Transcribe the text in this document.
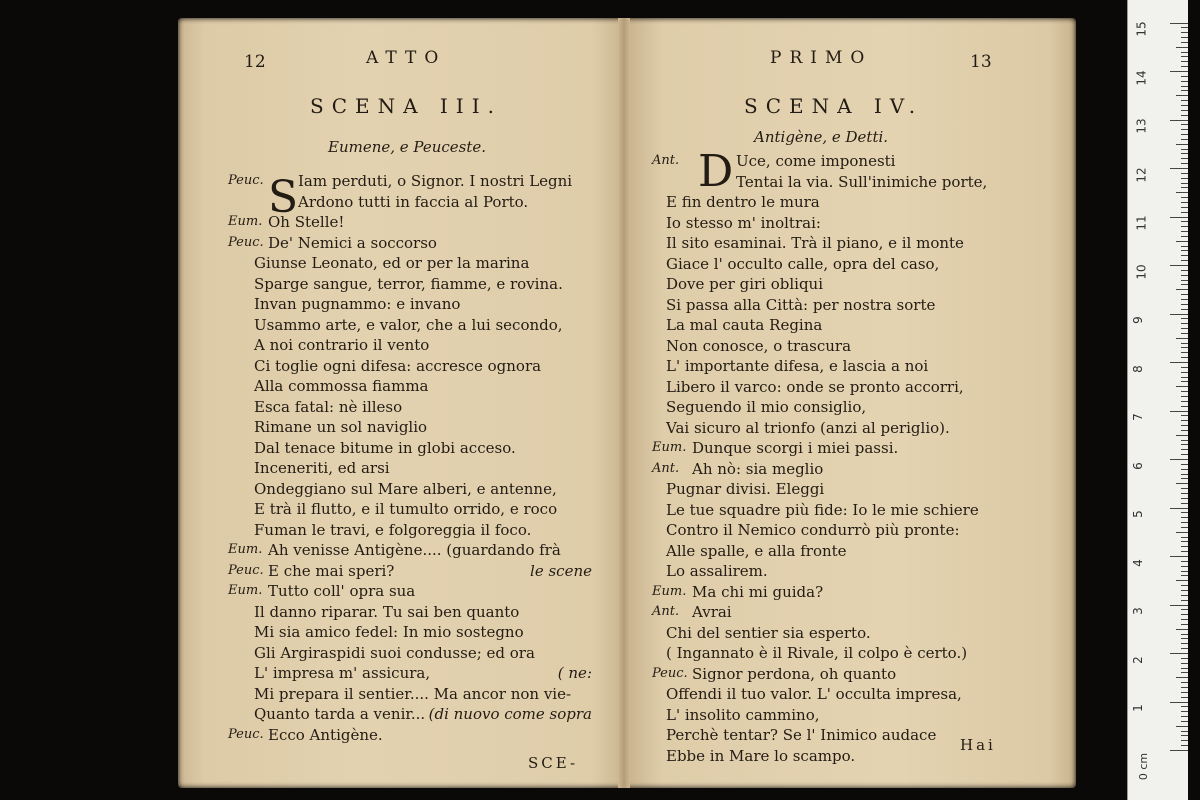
12	ATTO
SCENA III.
Eumene, e Peuceste.
S
Peuc. Iam perduti, o Signor. I nostri Legni
Ardono tutti in faccia al Porto.
Eum. Oh Stelle!
Peuc. De' Nemici a soccorso
Giunse Leonato, ed or per la marina
Sparge sangue, terror, fiamme, e rovina.
Invan pugnammo: e invano
Usammo arte, e valor, che a lui secondo,
A noi contrario il vento
Ci toglie ogni difesa: accresce ognora
Alla commossa fiamma
Esca fatal: nè illeso
Rimane un sol naviglio
Dal tenace bitume in globi acceso.
Inceneriti, ed arsi
Ondeggiano sul Mare alberi, e antenne,
E trà il flutto, e il tumulto orrido, e roco
Fuman le travi, e folgoreggia il foco.
Eum. Ah venisse Antigène.... (guardando frà
Peuc. E che mai speri?	le scene
Eum. Tutto coll' opra sua
Il danno riparar. Tu sai ben quanto
Mi sia amico fedel: In mio sostegno
Gli Argiraspidi suoi condusse; ed ora
L' impresa m' assicura,	( ne:
Mi prepara il sentier.... Ma ancor non vie-
Quanto tarda a venir... (di nuovo come sopra
Peuc. Ecco Antigène.
SCE-
PRIMO	13
SCENA IV.
Antigène, e Detti.
D
Ant.	Uce, come imponesti
Tentai la via. Sull'inimiche porte,
E fin dentro le mura
Io stesso m' inoltrai:
Il sito esaminai. Trà il piano, e il monte
Giace l' occulto calle, opra del caso,
Dove per giri obliqui
Si passa alla Città: per nostra sorte
La mal cauta Regina
Non conosce, o trascura
L' importante difesa, e lascia a noi
Libero il varco: onde se pronto accorri,
Seguendo il mio consiglio,
Vai sicuro al trionfo (anzi al periglio).
Eum. Dunque scorgi i miei passi.
Ant. Ah nò: sia meglio
Pugnar divisi. Eleggi
Le tue squadre più fide: Io le mie schiere
Contro il Nemico condurrò più pronte:
Alle spalle, e alla fronte
Lo assalirem.
Eum. Ma chi mi guida?
Ant. Avrai
Chi del sentier sia esperto.
( Ingannato è il Rivale, il colpo è certo.)
Peuc. Signor perdona, oh quanto
Offendi il tuo valor. L' occulta impresa,
L' insolito cammino,
Perchè tentar? Se l' Inimico audace
Ebbe in Mare lo scampo.
Hai
15
14
13
12
11
10
9
8
7
6
5
4
3
2
1
0 cm
